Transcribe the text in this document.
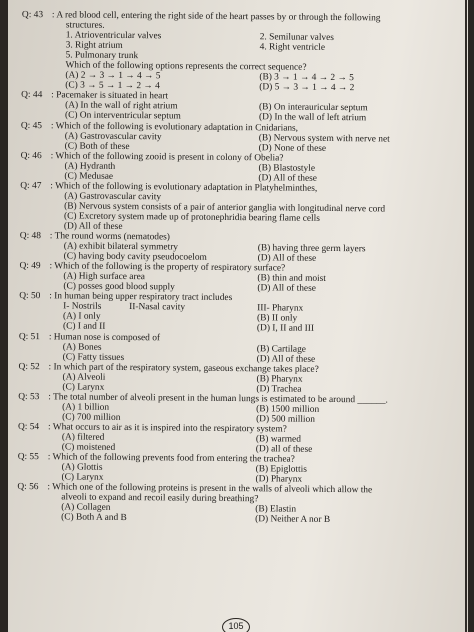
Q: 43 : A red blood cell, entering the right side of the heart passes by or through the following
structures.
1. Atrioventricular valves	2. Semilunar valves
3. Right atrium	4. Right ventricle
5. Pulmonary trunk
Which of the following options represents the correct sequence?
(A) 2 → 3 → 1 → 4 → 5	(B) 3 → 1 → 4 → 2 → 5
(C) 3 → 5 → 1 → 2 → 4	(D) 5 → 3 → 1 → 4 → 2
Q: 44 : Pacemaker is situated in heart
(A) In the wall of right atrium	(B) On interauricular septum
(C) On interventricular septum	(D) In the wall of left atrium
Q: 45 : Which of the following is evolutionary adaptation in Cnidarians,
(A) Gastrovascular cavity	(B) Nervous system with nerve net
(C) Both of these	(D) None of these
Q: 46 : Which of the following zooid is present in colony of Obelia?
(A) Hydranth	(B) Blastostyle
(C) Medusae	(D) All of these
Q: 47 : Which of the following is evolutionary adaptation in Platyhelminthes,
(A) Gastrovascular cavity
(B) Nervous system consists of a pair of anterior ganglia with longitudinal nerve cord
(C) Excretory system made up of protonephridia bearing flame cells
(D) All of these
Q: 48 : The round worms (nematodes)
(A) exhibit bilateral symmetry	(B) having three germ layers
(C) having body cavity pseudocoelom	(D) All of these
Q: 49 : Which of the following is the property of respiratory surface?
(A) High surface area	(B) thin and moist
(C) posses good blood supply	(D) All of these
Q: 50 : In human being upper respiratory tract includes
I- Nostrils	II-Nasal cavity	III- Pharynx
(A) I only	(B) II only
(C) I and II	(D) I, II and III
Q: 51 : Human nose is composed of
(A) Bones	(B) Cartilage
(C) Fatty tissues	(D) All of these
Q: 52 : In which part of the respiratory system, gaseous exchange takes place?
(A) Alveoli	(B) Pharynx
(C) Larynx	(D) Trachea
Q: 53 : The total number of alveoli present in the human lungs is estimated to be around ______.
(A) 1 billion	(B) 1500 million
(C) 700 million	(D) 500 million
Q: 54 : What occurs to air as it is inspired into the respiratory system?
(A) filtered	(B) warmed
(C) moistened	(D) all of these
Q: 55 : Which of the following prevents food from entering the trachea?
(A) Glottis	(B) Epiglottis
(C) Larynx	(D) Pharynx
Q: 56 : Which one of the following proteins is present in the walls of alveoli which allow the
alveoli to expand and recoil easily during breathing?
(A) Collagen	(B) Elastin
(C) Both A and B	(D) Neither A nor B
105
